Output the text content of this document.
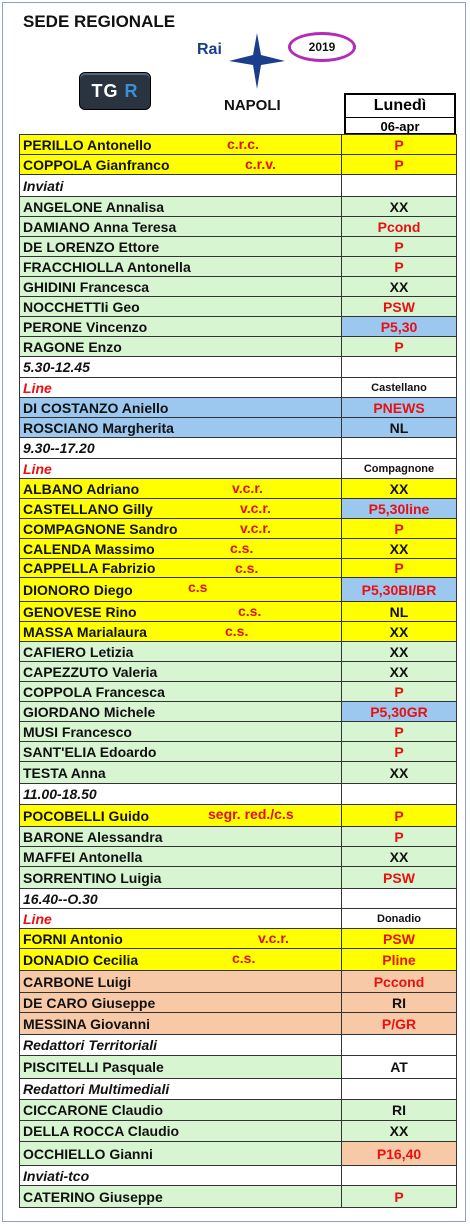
SEDE REGIONALE
Rai	2019
TG R
NAPOLI	Lunedì
06-apr
PERILLO Antonello c.r.c.	P
COPPOLA Gianfranco c.r.v.	P
Inviati	
ANGELONE Annalisa	XX
DAMIANO Anna Teresa	Pcond
DE LORENZO Ettore	P
FRACCHIOLLA Antonella	P
GHIDINI Francesca	XX
NOCCHETTIi Geo	PSW
PERONE Vincenzo	P5,30
RAGONE Enzo	P
5.30-12.45	
Line	Castellano
DI COSTANZO Aniello	PNEWS
ROSCIANO Margherita	NL
9.30--17.20	
Line	Compagnone
ALBANO Adriano v.c.r.	XX
CASTELLANO Gilly v.c.r.	P5,30line
COMPAGNONE Sandro v.c.r.	P
CALENDA Massimo c.s.	XX
CAPPELLA Fabrizio c.s.	P
DIONORO Diego c.s	P5,30BI/BR
GENOVESE Rino c.s.	NL
MASSA Marialaura c.s.	XX
CAFIERO Letizia	XX
CAPEZZUTO Valeria	XX
COPPOLA Francesca	P
GIORDANO Michele	P5,30GR
MUSI Francesco	P
SANT'ELIA Edoardo	P
TESTA Anna	XX
11.00-18.50	
POCOBELLI Guido segr. red./c.s	P
BARONE Alessandra	P
MAFFEI Antonella	XX
SORRENTINO Luigia	PSW
16.40--O.30	
Line	Donadio
FORNI Antonio v.c.r.	PSW
DONADIO Cecilia c.s.	Pline
CARBONE Luigi	Pccond
DE CARO Giuseppe	RI
MESSINA Giovanni	P/GR
Redattori Territoriali	
PISCITELLI Pasquale	AT
Redattori Multimediali	
CICCARONE Claudio	RI
DELLA ROCCA Claudio	XX
OCCHIELLO Gianni	P16,40
Inviati-tco	
CATERINO Giuseppe	P
